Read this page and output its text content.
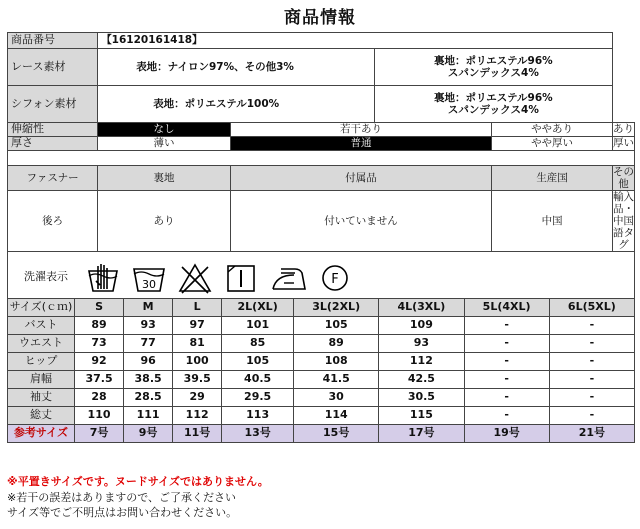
商品情報
商品番号	【16120161418】				
レース素材	表地：ナイロン97%、その他3%		裏地：ポリエステル96%
スパンデックス4%		

シフォン素材	表地：ポリエステル100%		裏地：ポリエステル96%
スパンデックス4%		

伸縮性	なし	若干あり		ややあり	あり
厚さ	薄い	普通		やや厚い	厚い

ファスナー	裏地	付属品		生産国	その他
後ろ	あり	付いていません		中国	輸入品・中国語タグ

洗濯表示
30 F					
サイズ(ｃｍ)	S	M	L	2L(XL)	3L(2XL)	4L(3XL)	5L(4XL)	6L(5XL)
バスト	89	93	97	101	105	109	-	-
ウエスト	73	77	81	85	89	93	-	-
ヒップ	92	96	100	105	108	112	-	-
肩幅	37.5	38.5	39.5	40.5	41.5	42.5	-	-
袖丈	28	28.5	29	29.5	30	30.5	-	-
総丈	110	111	112	113	114	115	-	-
参考サイズ	7号	9号	11号	13号	15号	17号	19号	21号
※平置きサイズです。ヌードサイズではありません。
※若干の誤差はありますので、ご了承ください
サイズ等でご不明点はお問い合わせください。
